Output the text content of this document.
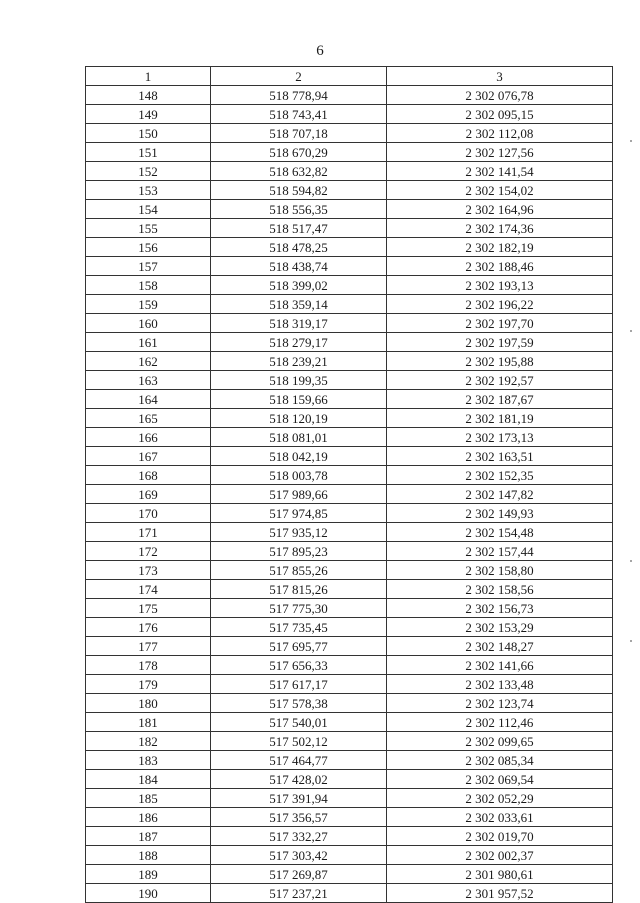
6
1	2	3
148	518 778,94	2 302 076,78
149	518 743,41	2 302 095,15
150	518 707,18	2 302 112,08
151	518 670,29	2 302 127,56
152	518 632,82	2 302 141,54
153	518 594,82	2 302 154,02
154	518 556,35	2 302 164,96
155	518 517,47	2 302 174,36
156	518 478,25	2 302 182,19
157	518 438,74	2 302 188,46
158	518 399,02	2 302 193,13
159	518 359,14	2 302 196,22
160	518 319,17	2 302 197,70
161	518 279,17	2 302 197,59
162	518 239,21	2 302 195,88
163	518 199,35	2 302 192,57
164	518 159,66	2 302 187,67
165	518 120,19	2 302 181,19
166	518 081,01	2 302 173,13
167	518 042,19	2 302 163,51
168	518 003,78	2 302 152,35
169	517 989,66	2 302 147,82
170	517 974,85	2 302 149,93
171	517 935,12	2 302 154,48
172	517 895,23	2 302 157,44
173	517 855,26	2 302 158,80
174	517 815,26	2 302 158,56
175	517 775,30	2 302 156,73
176	517 735,45	2 302 153,29
177	517 695,77	2 302 148,27
178	517 656,33	2 302 141,66
179	517 617,17	2 302 133,48
180	517 578,38	2 302 123,74
181	517 540,01	2 302 112,46
182	517 502,12	2 302 099,65
183	517 464,77	2 302 085,34
184	517 428,02	2 302 069,54
185	517 391,94	2 302 052,29
186	517 356,57	2 302 033,61
187	517 332,27	2 302 019,70
188	517 303,42	2 302 002,37
189	517 269,87	2 301 980,61
190	517 237,21	2 301 957,52
